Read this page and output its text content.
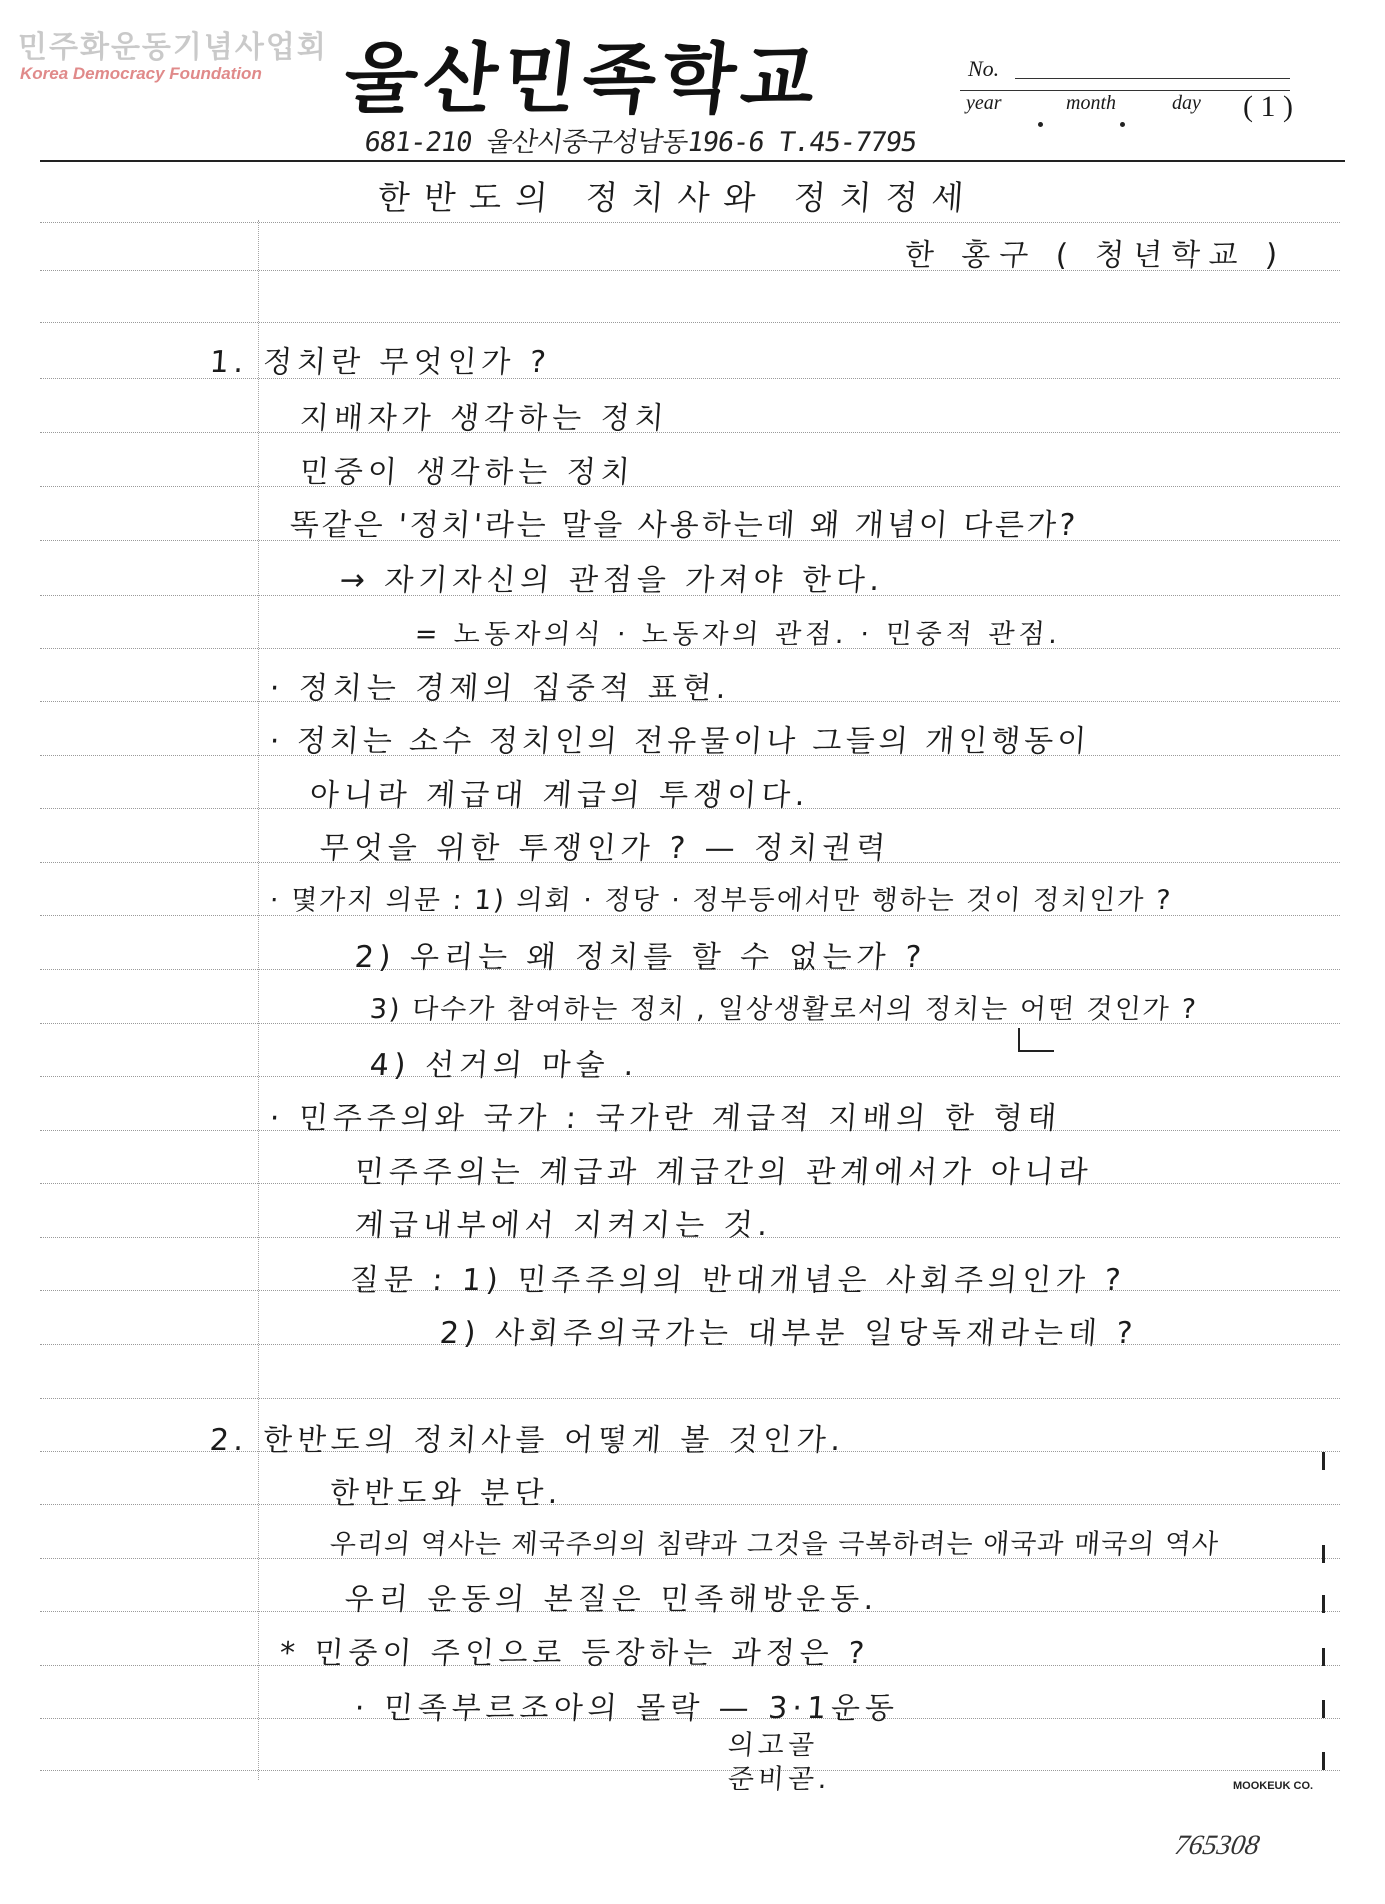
민주화운동기념사업회
Korea Democracy Foundation 울산민족학교
681-210 울산시중구성남동196-6 T.45-7795
No.
year	month	day ( 1 )
한반도의 정치사와 정치정세
한 홍구 ( 청년학교 )
1. 정치란 무엇인가 ?
지배자가 생각하는 정치
민중이 생각하는 정치
똑같은 '정치'라는 말을 사용하는데 왜 개념이 다른가?
→ 자기자신의 관점을 가져야 한다.
= 노동자의식 · 노동자의 관점. · 민중적 관점.
· 정치는 경제의 집중적 표현.
· 정치는 소수 정치인의 전유물이나 그들의 개인행동이
아니라 계급대 계급의 투쟁이다.
무엇을 위한 투쟁인가 ? — 정치권력
· 몇가지 의문 : 1) 의회 · 정당 · 정부등에서만 행하는 것이 정치인가 ?
2) 우리는 왜 정치를 할 수 없는가 ?
3) 다수가 참여하는 정치 , 일상생활로서의 정치는 어떤 것인가 ?
4) 선거의 마술 .
· 민주주의와 국가 : 국가란 계급적 지배의 한 형태
민주주의는 계급과 계급간의 관계에서가 아니라
계급내부에서 지켜지는 것.
질문 : 1) 민주주의의 반대개념은 사회주의인가 ?
2) 사회주의국가는 대부분 일당독재라는데 ?
2. 한반도의 정치사를 어떻게 볼 것인가.
한반도와 분단.
우리의 역사는 제국주의의 침략과 그것을 극복하려는 애국과 매국의 역사
우리 운동의 본질은 민족해방운동.
* 민중이 주인으로 등장하는 과정은 ?
· 민족부르조아의 몰락 — 3·1운동
의고골
준비곧.	MOOKEUK CO.
765308
